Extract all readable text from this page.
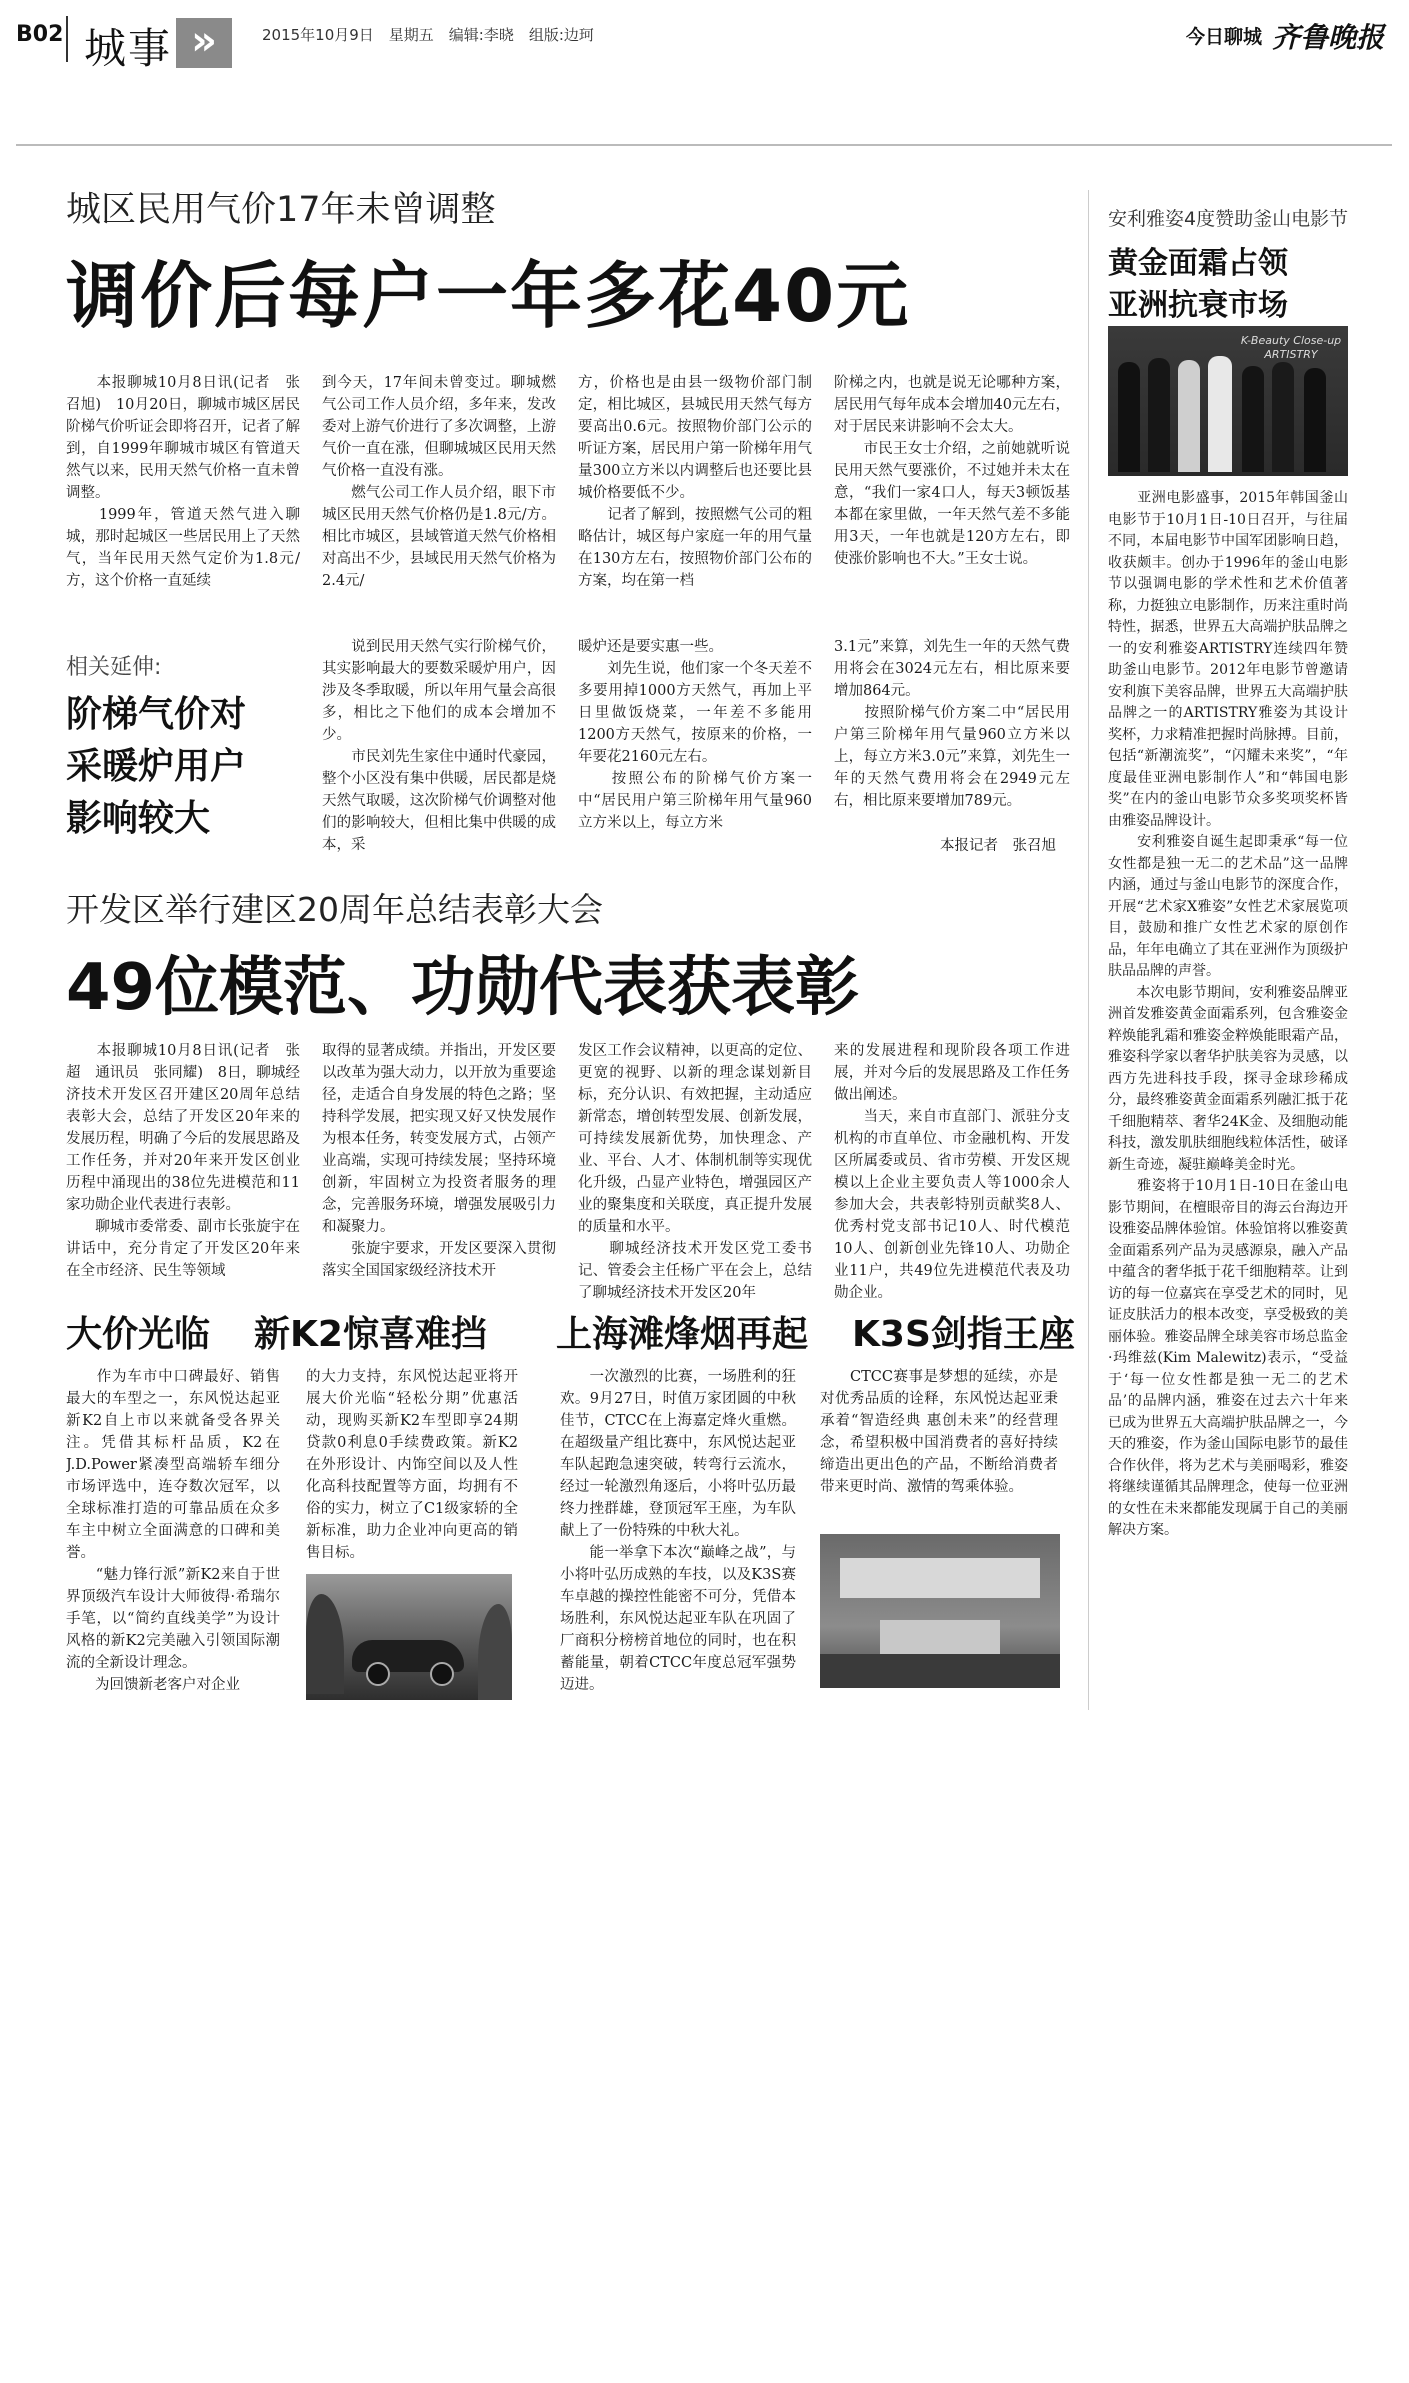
B02 城事 »	2015年10月9日　星期五　编辑:李晓　组版:边珂	今日聊城 齐鲁晚报
城区民用气价17年未曾调整
调价后每户一年多花40元
　　本报聊城10月8日讯(记者　张召旭)　10月20日，聊城市城区居民阶梯气价听证会即将召开，记者了解到，自1999年聊城市城区有管道天然气以来，民用天然气价格一直未曾调整。
　　1999年，管道天然气进入聊城，那时起城区一些居民用上了天然气，当年民用天然气定价为1.8元/方，这个价格一直延续
到今天，17年间未曾变过。聊城燃气公司工作人员介绍，多年来，发改委对上游气价进行了多次调整，上游气价一直在涨，但聊城城区民用天然气价格一直没有涨。
　　燃气公司工作人员介绍，眼下市城区民用天然气价格仍是1.8元/方。相比市城区，县域管道天然气价格相对高出不少，县域民用天然气价格为2.4元/
方，价格也是由县一级物价部门制定，相比城区，县城民用天然气每方要高出0.6元。按照物价部门公示的听证方案，居民用户第一阶梯年用气量300立方米以内调整后也还要比县城价格要低不少。
　　记者了解到，按照燃气公司的粗略估计，城区每户家庭一年的用气量在130方左右，按照物价部门公布的方案，均在第一档
阶梯之内，也就是说无论哪种方案，居民用气每年成本会增加40元左右，对于居民来讲影响不会太大。
　　市民王女士介绍，之前她就听说民用天然气要涨价，不过她并未太在意，“我们一家4口人，每天3顿饭基本都在家里做，一年天然气差不多能用3天，一年也就是120方左右，即使涨价影响也不大。”王女士说。
相关延伸:
阶梯气价对
采暖炉用户
影响较大
　　说到民用天然气实行阶梯气价，其实影响最大的要数采暖炉用户，因涉及冬季取暖，所以年用气量会高很多，相比之下他们的成本会增加不少。
　　市民刘先生家住中通时代豪园，整个小区没有集中供暖，居民都是烧天然气取暖，这次阶梯气价调整对他们的影响较大，但相比集中供暖的成本，采
暖炉还是要实惠一些。
　　刘先生说，他们家一个冬天差不多要用掉1000方天然气，再加上平日里做饭烧菜，一年差不多能用1200方天然气，按原来的价格，一年要花2160元左右。
　　按照公布的阶梯气价方案一中“居民用户第三阶梯年用气量960立方米以上，每立方米
3.1元”来算，刘先生一年的天然气费用将会在3024元左右，相比原来要增加864元。
　　按照阶梯气价方案二中“居民用户第三阶梯年用气量960立方米以上，每立方米3.0元”来算，刘先生一年的天然气费用将会在2949元左右，相比原来要增加789元。
本报记者　张召旭
开发区举行建区20周年总结表彰大会
49位模范、功勋代表获表彰
　　本报聊城10月8日讯(记者　张超　通讯员　张同耀)　8日，聊城经济技术开发区召开建区20周年总结表彰大会，总结了开发区20年来的发展历程，明确了今后的发展思路及工作任务，并对20年来开发区创业历程中涌现出的38位先进模范和11家功勋企业代表进行表彰。
　　聊城市委常委、副市长张旋宇在讲话中，充分肯定了开发区20年来在全市经济、民生等领域
取得的显著成绩。并指出，开发区要以改革为强大动力，以开放为重要途径，走适合自身发展的特色之路；坚持科学发展，把实现又好又快发展作为根本任务，转变发展方式，占领产业高端，实现可持续发展；坚持环境创新，牢固树立为投资者服务的理念，完善服务环境，增强发展吸引力和凝聚力。
　　张旋宇要求，开发区要深入贯彻落实全国国家级经济技术开
发区工作会议精神，以更高的定位、更宽的视野、以新的理念谋划新目标，充分认识、有效把握，主动适应新常态，增创转型发展、创新发展，可持续发展新优势，加快理念、产业、平台、人才、体制机制等实现优化升级，凸显产业特色，增强园区产业的聚集度和关联度，真正提升发展的质量和水平。
　　聊城经济技术开发区党工委书记、管委会主任杨广平在会上，总结了聊城经济技术开发区20年
来的发展进程和现阶段各项工作进展，并对今后的发展思路及工作任务做出阐述。
　　当天，来自市直部门、派驻分支机构的市直单位、市金融机构、开发区所属委或员、省市劳模、开发区规模以上企业主要负责人等1000余人参加大会，共表彰特别贡献奖8人、优秀村党支部书记10人、时代模范10人、创新创业先锋10人、功勋企业11户，共49位先进模范代表及功勋企业。
大价光临 新K2惊喜难挡
　　作为车市中口碑最好、销售最大的车型之一，东风悦达起亚新K2自上市以来就备受各界关注。凭借其标杆品质，K2在J.D.Power紧凑型高端轿车细分市场评选中，连夺数次冠军，以全球标准打造的可靠品质在众多车主中树立全面满意的口碑和美誉。
　　“魅力锋行派”新K2来自于世界顶级汽车设计大师彼得·希瑞尔手笔，以“简约直线美学”为设计风格的新K2完美融入引领国际潮流的全新设计理念。
　　为回馈新老客户对企业
的大力支持，东风悦达起亚将开展大价光临“轻松分期”优惠活动，现购买新K2车型即享24期贷款0利息0手续费政策。新K2在外形设计、内饰空间以及人性化高科技配置等方面，均拥有不俗的实力，树立了C1级家轿的全新标准，助力企业冲向更高的销售目标。
上海滩烽烟再起 K3S剑指王座
　　一次激烈的比赛，一场胜利的狂欢。9月27日，时值万家团圆的中秋佳节，CTCC在上海嘉定烽火重燃。在超级量产组比赛中，东风悦达起亚车队起跑急速突破，转弯行云流水，经过一轮激烈角逐后，小将叶弘历最终力挫群雄，登顶冠军王座，为车队献上了一份特殊的中秋大礼。
　　能一举拿下本次“巅峰之战”，与小将叶弘历成熟的车技，以及K3S赛车卓越的操控性能密不可分，凭借本场胜利，东风悦达起亚车队在巩固了厂商积分榜榜首地位的同时，也在积蓄能量，朝着CTCC年度总冠军强势迈进。
　　CTCC赛事是梦想的延续，亦是对优秀品质的诠释，东风悦达起亚秉承着“智造经典 惠创未来”的经营理念，希望积极中国消费者的喜好持续缔造出更出色的产品，不断给消费者带来更时尚、激情的驾乘体验。
安利雅姿4度赞助釜山电影节
黄金面霜占领
亚洲抗衰市场
K-Beauty Close-up
ARTISTRY
　　亚洲电影盛事，2015年韩国釜山电影节于10月1日-10日召开，与往届不同，本届电影节中国军团影响日趋，收获颇丰。创办于1996年的釜山电影节以强调电影的学术性和艺术价值著称，力挺独立电影制作，历来注重时尚特性，据悉，世界五大高端护肤品牌之一的安利雅姿ARTISTRY连续四年赞助釜山电影节。2012年电影节曾邀请安利旗下美容品牌，世界五大高端护肤品牌之一的ARTISTRY雅姿为其设计奖杯，力求精准把握时尚脉搏。目前，包括“新潮流奖”，“闪耀未来奖”，“年度最佳亚洲电影制作人”和“韩国电影奖”在内的釜山电影节众多奖项奖杯皆由雅姿品牌设计。
　　安利雅姿自诞生起即秉承“每一位女性都是独一无二的艺术品”这一品牌内涵，通过与釜山电影节的深度合作，开展“艺术家X雅姿”女性艺术家展览项目，鼓励和推广女性艺术家的原创作品，年年电确立了其在亚洲作为顶级护肤品品牌的声誉。
　　本次电影节期间，安利雅姿品牌亚洲首发雅姿黄金面霜系列，包含雅姿金粹焕能乳霜和雅姿金粹焕能眼霜产品，雅姿科学家以奢华护肤美容为灵感，以西方先进科技手段，探寻金球珍稀成分，最终雅姿黄金面霜系列融汇抵于花千细胞精萃、奢华24K金、及细胞动能科技，激发肌肤细胞线粒体活性，破译新生奇迹，凝驻巅峰美金时光。
　　雅姿将于10月1日-10日在釜山电影节期间，在檀眼帝目的海云台海边开设雅姿品牌体验馆。体验馆将以雅姿黄金面霜系列产品为灵感源泉，融入产品中蕴含的奢华抵于花千细胞精萃。让到访的每一位嘉宾在享受艺术的同时，见证皮肤活力的根本改变，享受极致的美丽体验。雅姿品牌全球美容市场总监金·玛维兹(Kim Malewitz)表示，“受益于‘每一位女性都是独一无二的艺术品’的品牌内涵，雅姿在过去六十年来已成为世界五大高端护肤品牌之一，今天的雅姿，作为釜山国际电影节的最佳合作伙伴，将为艺术与美丽喝彩，雅姿将继续谨循其品牌理念，使每一位亚洲的女性在未来都能发现属于自己的美丽解决方案。
